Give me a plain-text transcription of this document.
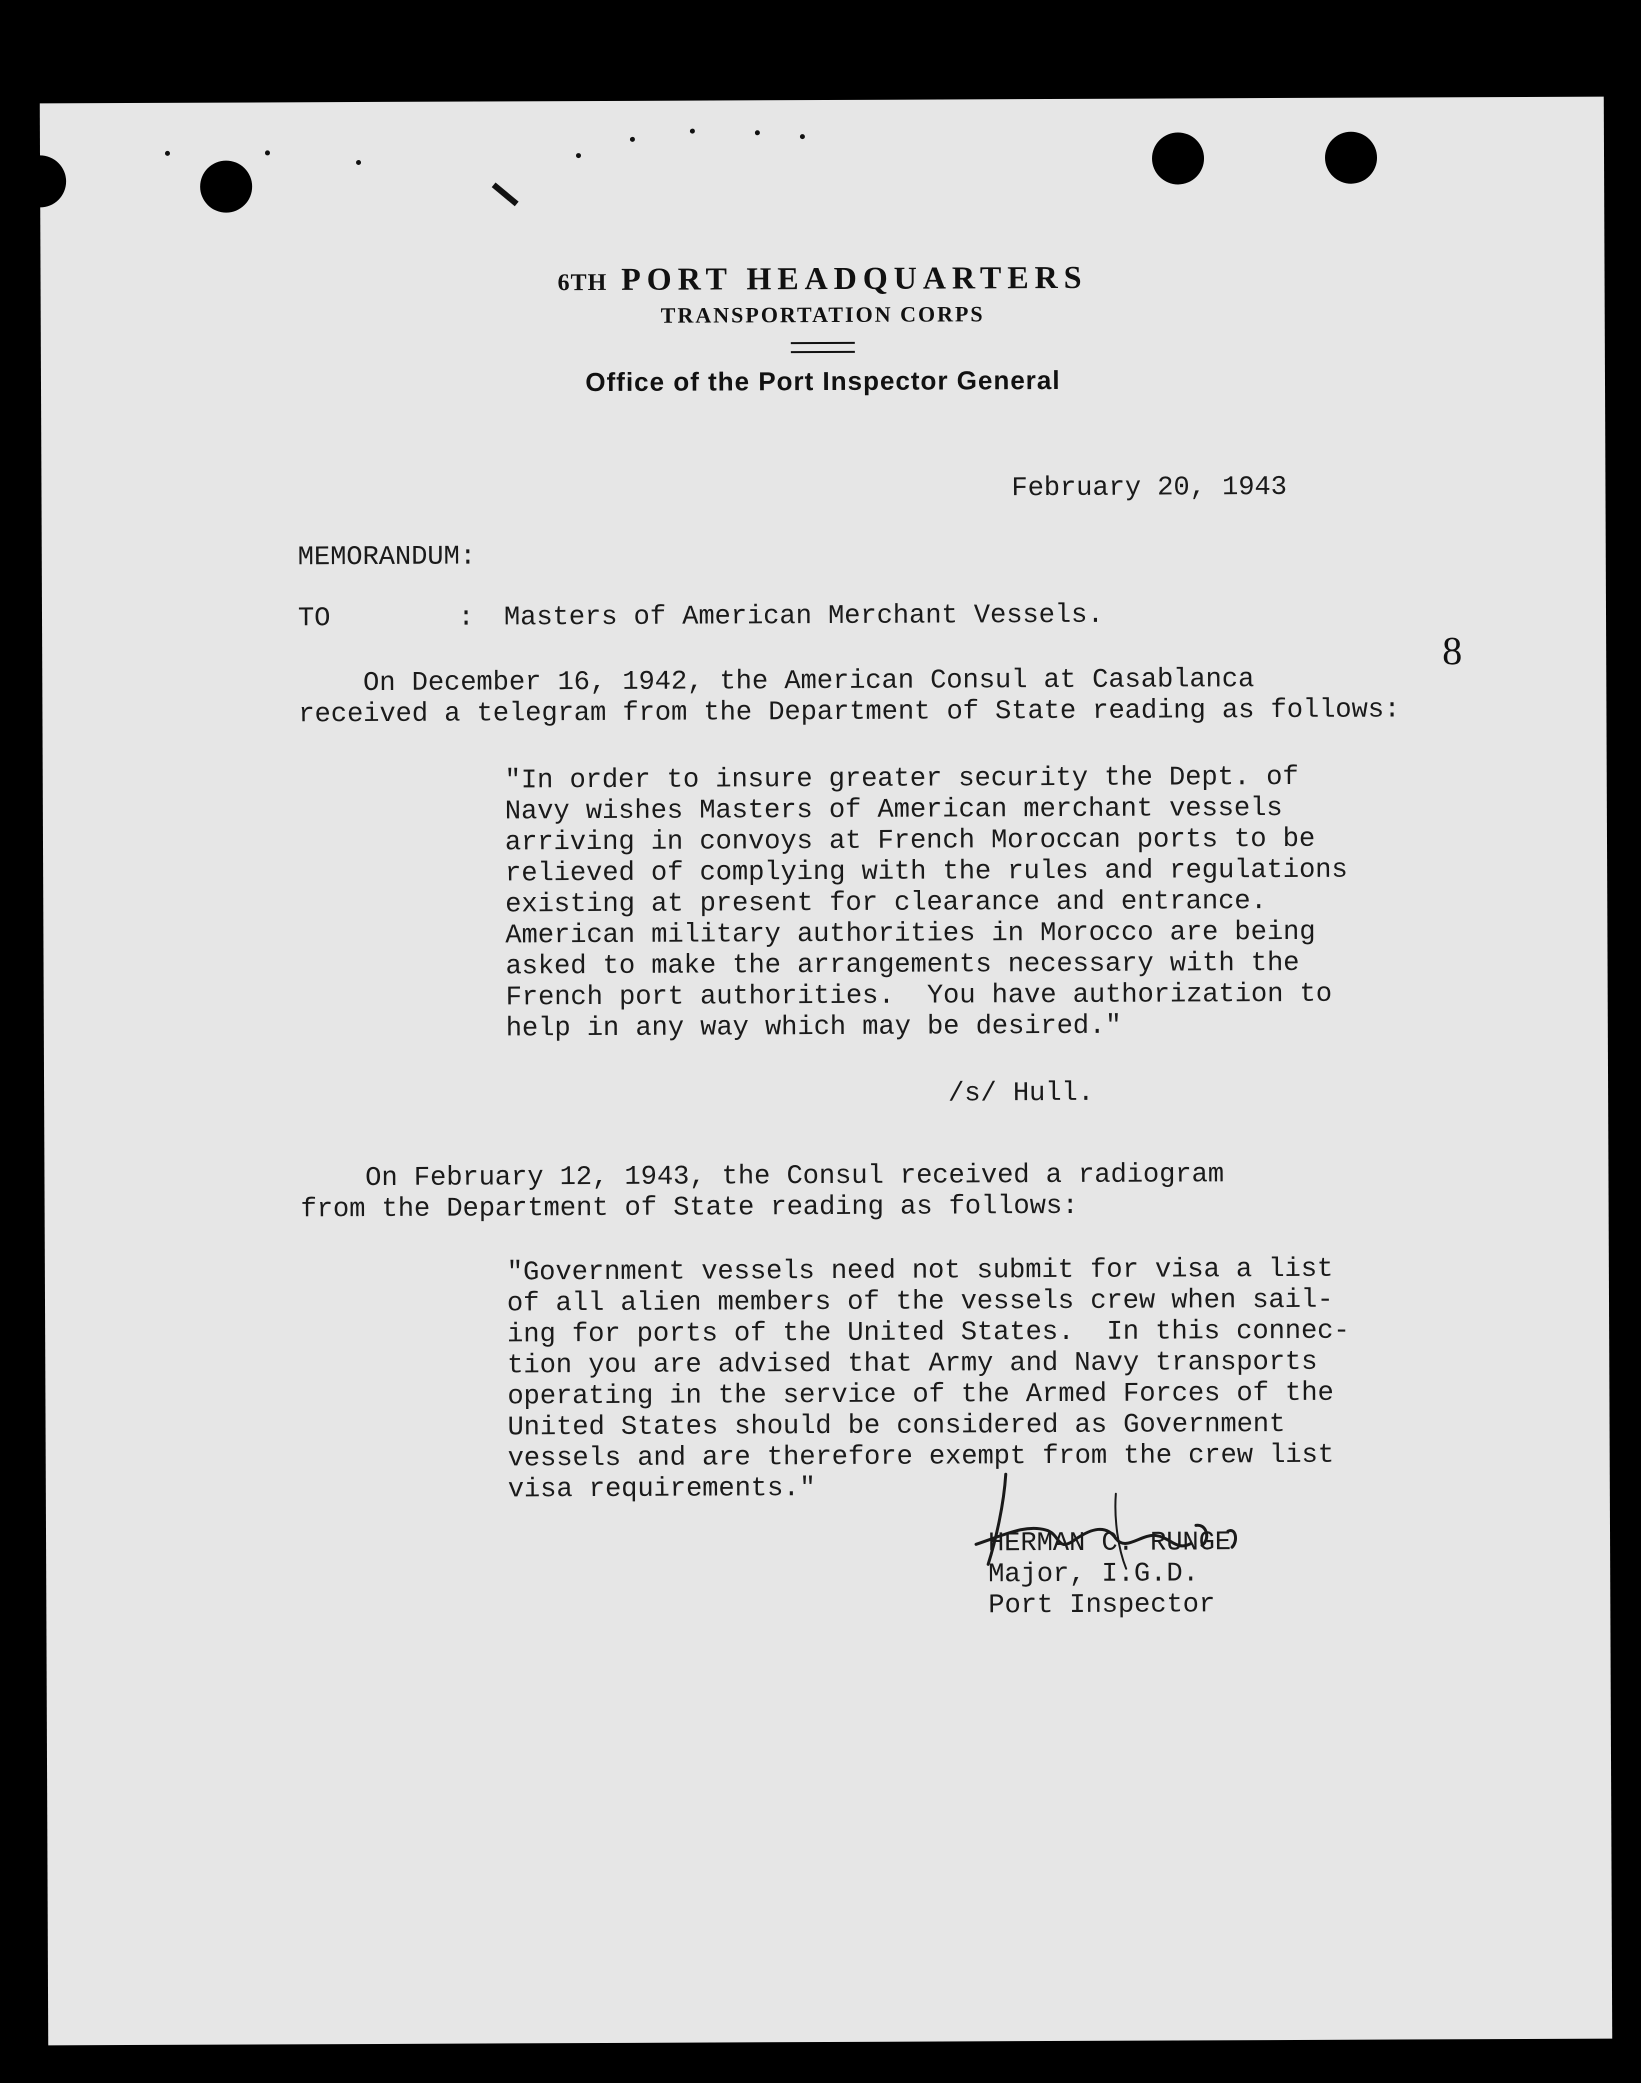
6TH PORT HEADQUARTERS
TRANSPORTATION CORPS
Office of the Port Inspector General
February 20, 1943
MEMORANDUM:
TO	: Masters of American Merchant Vessels.
8
On December 16, 1942, the American Consul at Casablanca
received a telegram from the Department of State reading as follows:
"In order to insure greater security the Dept. of
Navy wishes Masters of American merchant vessels
arriving in convoys at French Moroccan ports to be
relieved of complying with the rules and regulations
existing at present for clearance and entrance.
American military authorities in Morocco are being
asked to make the arrangements necessary with the
French port authorities.  You have authorization to
help in any way which may be desired."
/s/ Hull.
On February 12, 1943, the Consul received a radiogram
from the Department of State reading as follows:
"Government vessels need not submit for visa a list
of all alien members of the vessels crew when sail-
ing for ports of the United States.  In this connec-
tion you are advised that Army and Navy transports
operating in the service of the Armed Forces of the
United States should be considered as Government
vessels and are therefore exempt from the crew list
visa requirements."
HERMAN C. RUNGE
Major, I.G.D.
Port Inspector
